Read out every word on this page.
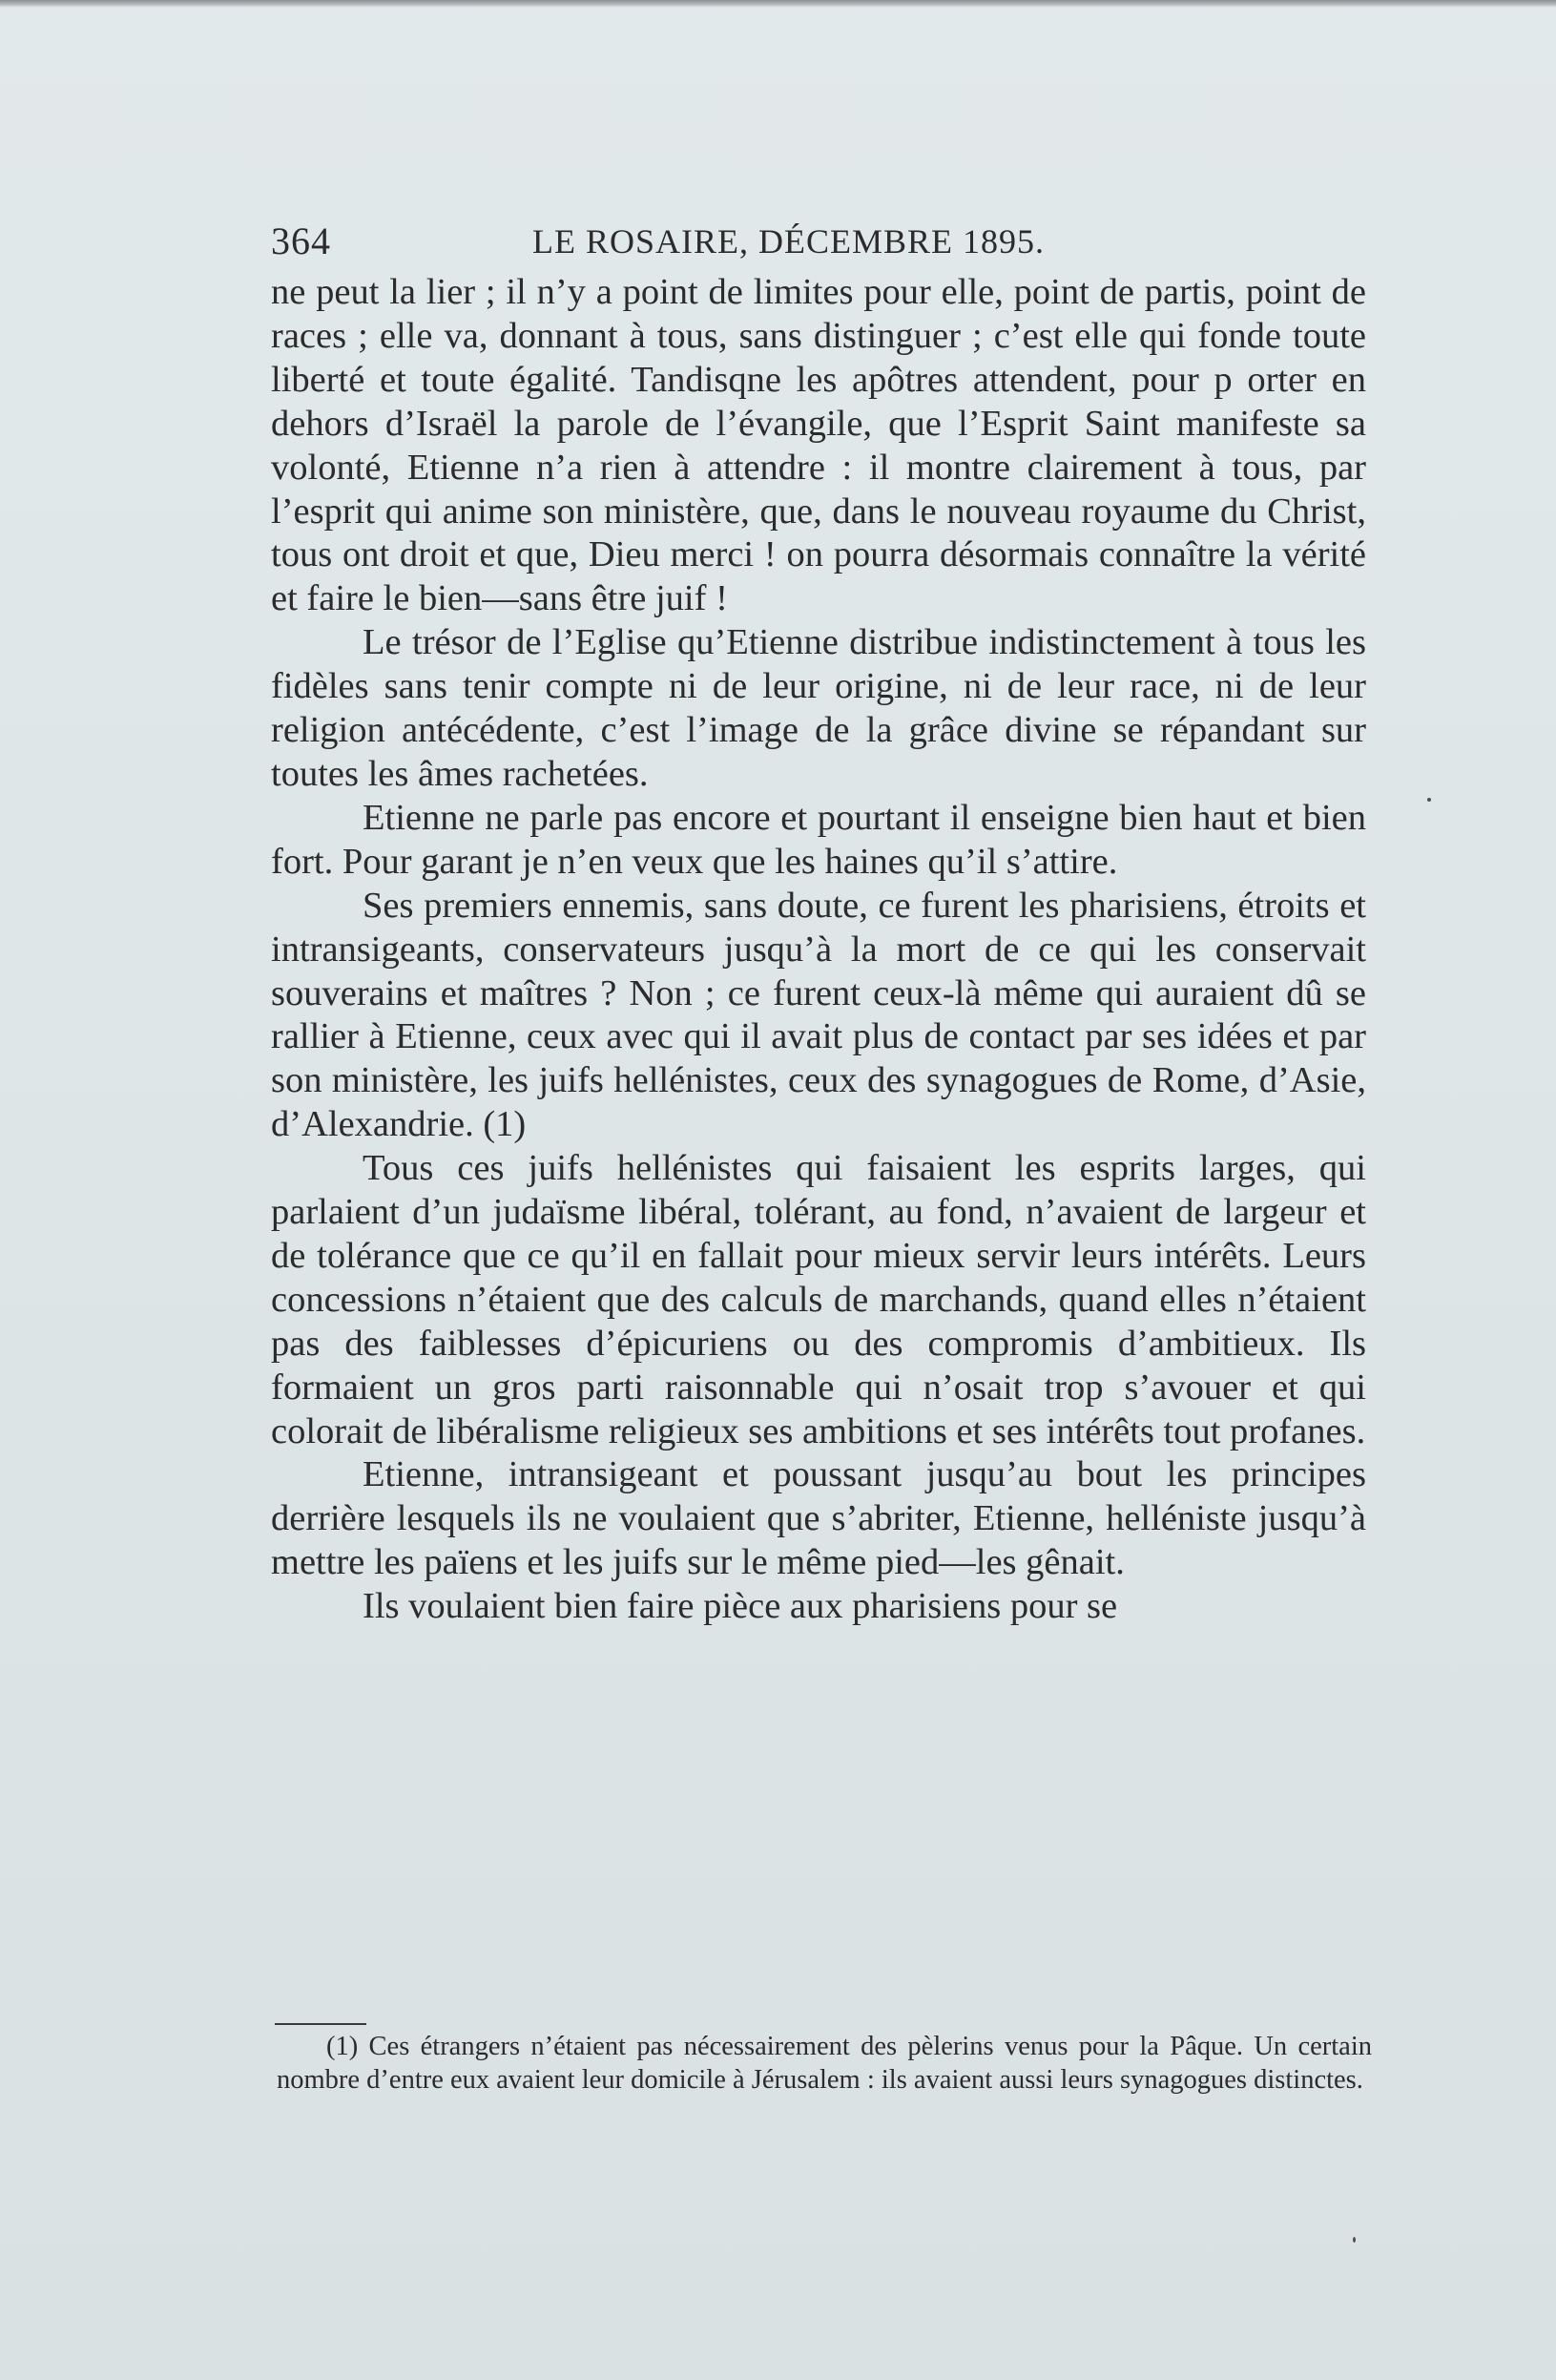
364	LE ROSAIRE, DÉCEMBRE 1895.

ne peut la lier ; il n’y a point de limites pour elle, point de partis, point de races ; elle va, donnant à tous, sans distinguer ; c’est elle qui fonde toute liberté et toute égalité. Tandisqne les apôtres attendent, pour p orter en dehors d’Israël la parole de l’évangile, que l’Esprit Saint manifeste sa volonté, Etienne n’a rien à attendre : il montre clairement à tous, par l’esprit qui anime son ministère, que, dans le nouveau royaume du Christ, tous ont droit et que, Dieu merci ! on pourra désormais connaître la vérité et faire le bien—sans être juif !

Le trésor de l’Eglise qu’Etienne distribue indistinctement à tous les fidèles sans tenir compte ni de leur origine, ni de leur race, ni de leur religion antécédente, c’est l’image de la grâce divine se répandant sur toutes les âmes rachetées.

Etienne ne parle pas encore et pourtant il enseigne bien haut et bien fort. Pour garant je n’en veux que les haines qu’il s’attire.

Ses premiers ennemis, sans doute, ce furent les pharisiens, étroits et intransigeants, conservateurs jusqu’à la mort de ce qui les conservait souverains et maîtres ? Non ; ce furent ceux-là même qui auraient dû se rallier à Etienne, ceux avec qui il avait plus de contact par ses idées et par son ministère, les juifs hellénistes, ceux des synagogues de Rome, d’Asie, d’Alexandrie. (1)

Tous ces juifs hellénistes qui faisaient les esprits larges, qui parlaient d’un judaïsme libéral, tolérant, au fond, n’avaient de largeur et de tolérance que ce qu’il en fallait pour mieux servir leurs intérêts. Leurs concessions n’étaient que des calculs de marchands, quand elles n’étaient pas des faiblesses d’épicuriens ou des compromis d’ambitieux. Ils formaient un gros parti raisonnable qui n’osait trop s’avouer et qui colorait de libéralisme religieux ses ambitions et ses intérêts tout profanes.

Etienne, intransigeant et poussant jusqu’au bout les principes derrière lesquels ils ne voulaient que s’abriter, Etienne, helléniste jusqu’à mettre les païens et les juifs sur le même pied—les gênait.

Ils voulaient bien faire pièce aux pharisiens pour se

(1) Ces étrangers n’étaient pas nécessairement des pèlerins venus pour la Pâque. Un certain nombre d’entre eux avaient leur domicile à Jérusalem : ils avaient aussi leurs synagogues distinctes.
